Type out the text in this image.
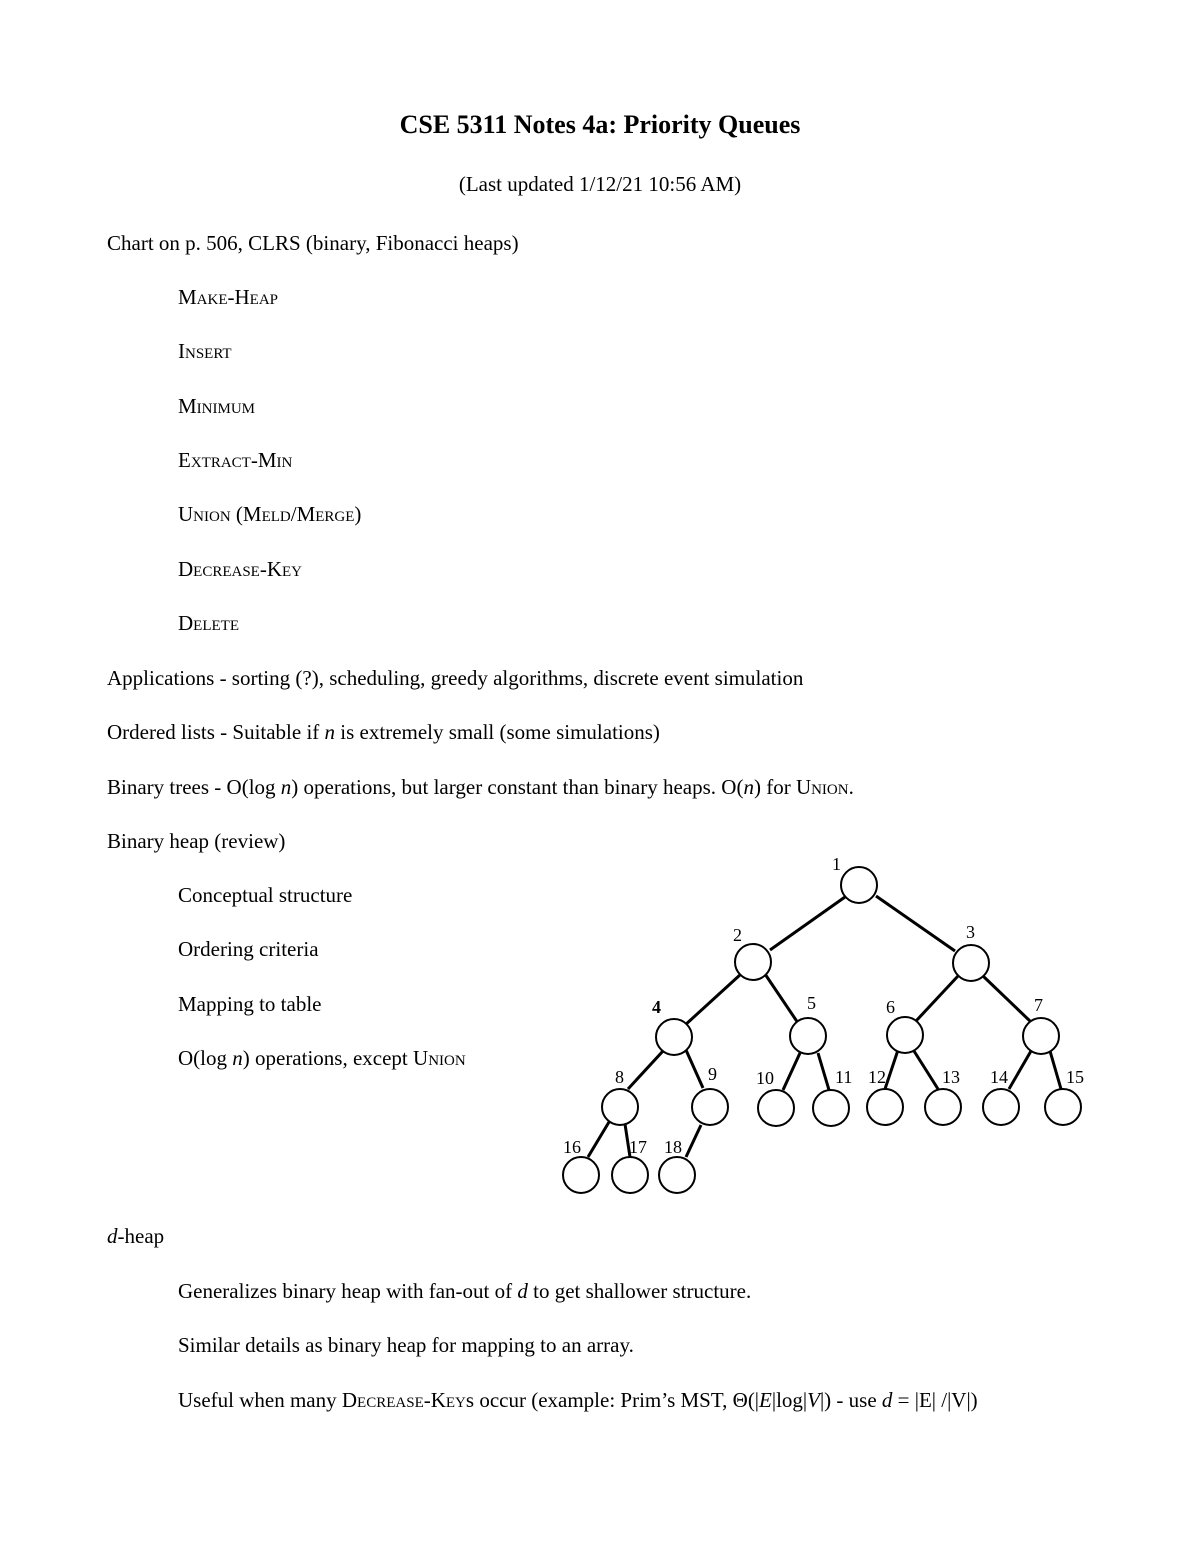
CSE 5311 Notes 4a: Priority Queues
(Last updated 1/12/21 10:56 AM)
Chart on p. 506, CLRS (binary, Fibonacci heaps)
Make-Heap
Insert
Minimum
Extract-Min
Union (Meld/Merge)
Decrease-Key
Delete
Applications - sorting (?), scheduling, greedy algorithms, discrete event simulation
Ordered lists - Suitable if n is extremely small (some simulations)
Binary trees - O(log n) operations, but larger constant than binary heaps. O(n) for Union.
Binary heap (review)
Conceptual structure
Ordering criteria
Mapping to table
O(log n) operations, except Union
1
2	3
4	5	6	7
8	9 10	11 12	13 14	15
16	17 18
d-heap
Generalizes binary heap with fan-out of d to get shallower structure.
Similar details as binary heap for mapping to an array.
Useful when many Decrease-Keys occur (example: Prim’s MST, Θ(|E|log|V|) - use d = |E| /|V|)
